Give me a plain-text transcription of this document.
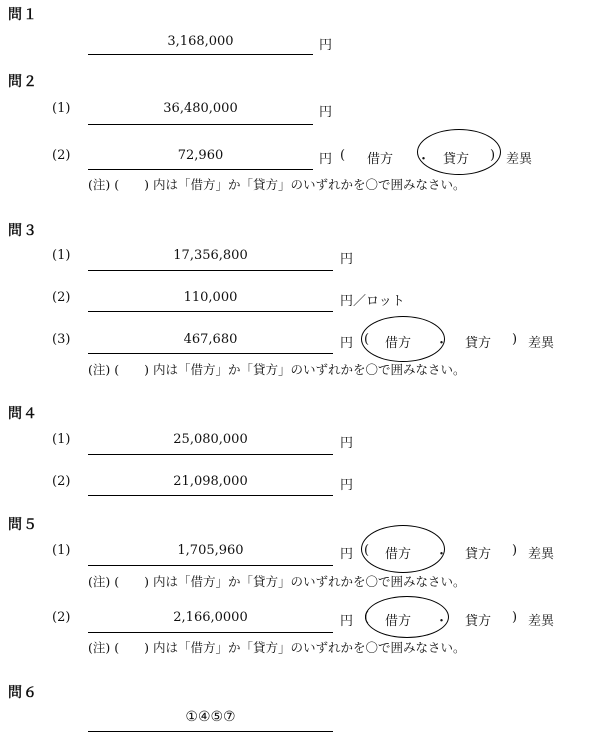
問１
3,168,000	円
問２
(1)	36,480,000	円
(2)	72,960	円 ( 借方 ・ 貸方 ) 差異
(注) (　　) 内は「借方」か「貸方」のいずれかを〇で囲みなさい。
問３
(1)	17,356,800	円
(2)	110,000	円／ロット
(3)	467,680	円 ( 借方 ・ 貸方 ) 差異
(注) (　　) 内は「借方」か「貸方」のいずれかを〇で囲みなさい。
問４
(1)	25,080,000	円
(2)	21,098,000	円
問５
(1)	1,705,960	円 ( 借方 ・ 貸方 ) 差異
(注) (　　) 内は「借方」か「貸方」のいずれかを〇で囲みなさい。
(2)	2,166,0000	円 ( 借方 ・ 貸方 ) 差異
(注) (　　) 内は「借方」か「貸方」のいずれかを〇で囲みなさい。
問６
①④⑤⑦
